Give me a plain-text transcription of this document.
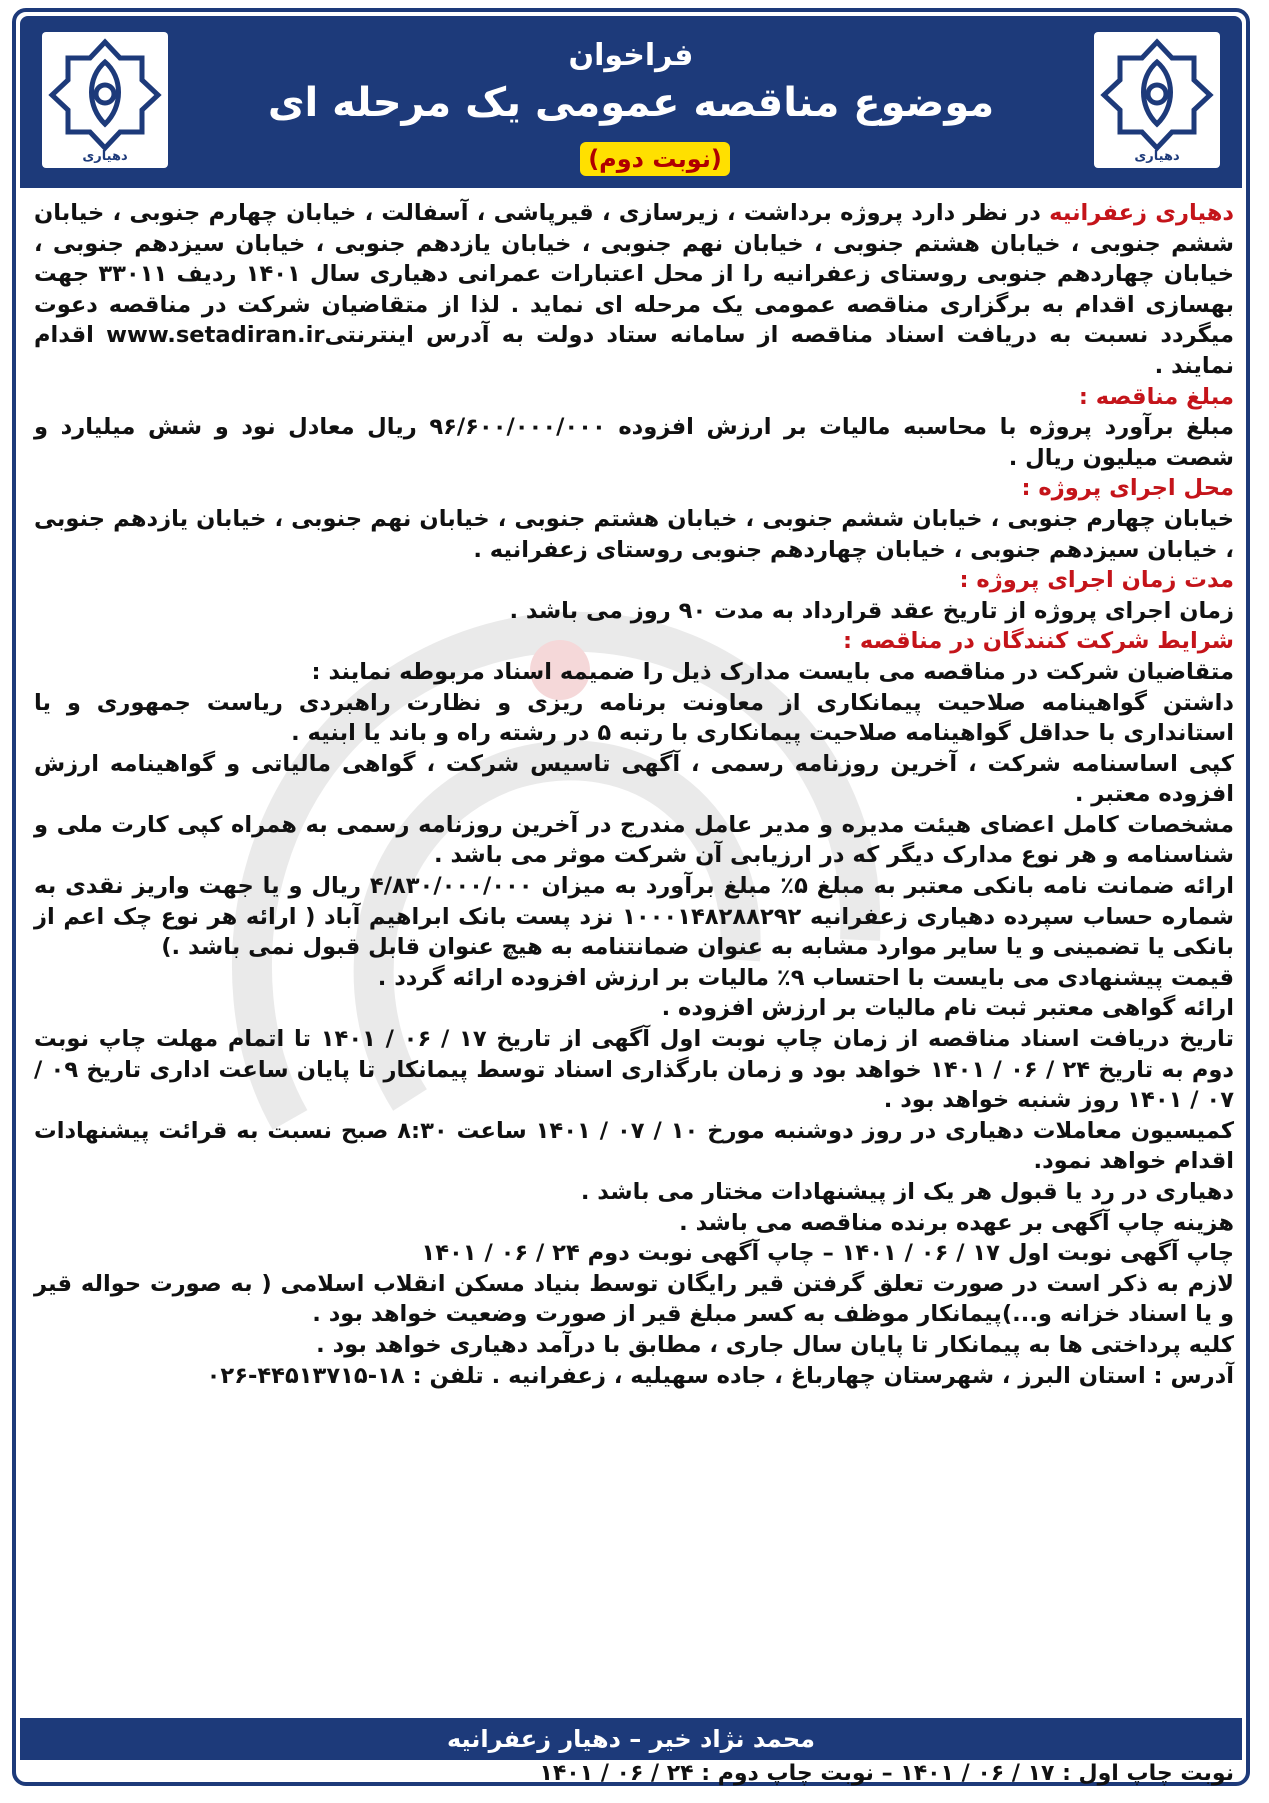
دهیاری	دهیاری
فراخوان
موضوع مناقصه عمومی یک مرحله ای
(نوبت دوم)

دهیاری زعفرانیه در نظر دارد پروژه برداشت ، زیرسازی ، قیرپاشی ، آسفالت ، خیابان چهارم جنوبی ، خیابان ششم جنوبی ، خیابان هشتم جنوبی ، خیابان نهم جنوبی ، خیابان یازدهم جنوبی ، خیابان سیزدهم جنوبی ، خیابان چهاردهم جنوبی روستای زعفرانیه را از محل اعتبارات عمرانی دهیاری سال ۱۴۰۱ ردیف ۳۳۰۱۱ جهت بهسازی اقدام به برگزاری مناقصه عمومی یک مرحله ای نماید . لذا از متقاضیان شرکت در مناقصه دعوت میگردد نسبت به دریافت اسناد مناقصه از سامانه ستاد دولت به آدرس اینترنتیwww.setadiran.ir اقدام نمایند .

مبلغ مناقصه :

مبلغ برآورد پروژه با محاسبه مالیات بر ارزش افزوده ۹۶/۶۰۰/۰۰۰/۰۰۰ ریال معادل نود و شش میلیارد و شصت میلیون ریال .

محل اجرای پروژه :

خیابان چهارم جنوبی ، خیابان ششم جنوبی ، خیابان هشتم جنوبی ، خیابان نهم جنوبی ، خیابان یازدهم جنوبی ، خیابان سیزدهم جنوبی ، خیابان چهاردهم جنوبی روستای زعفرانیه .

مدت زمان اجرای پروژه :

زمان اجرای پروژه از تاریخ عقد قرارداد به مدت ۹۰ روز می باشد .

شرایط شرکت کنندگان در مناقصه :

متقاضیان شرکت در مناقصه می بایست مدارک ذیل را ضمیمه اسناد مربوطه نمایند :

داشتن گواهینامه صلاحیت پیمانکاری از معاونت برنامه ریزی و نظارت راهبردی ریاست جمهوری و یا استانداری با حداقل گواهینامه صلاحیت پیمانکاری با رتبه ۵ در رشته راه و باند یا ابنیه .

کپی اساسنامه شرکت ، آخرین روزنامه رسمی ، آگهی تاسیس شرکت ، گواهی مالیاتی و گواهینامه ارزش افزوده معتبر .

مشخصات کامل اعضای هیئت مدیره و مدیر عامل مندرج در آخرین روزنامه رسمی به همراه کپی کارت ملی و شناسنامه و هر نوع مدارک دیگر که در ارزیابی آن شرکت موثر می باشد .

ارائه ضمانت نامه بانکی معتبر به مبلغ ۵٪ مبلغ برآورد به میزان ۴/۸۳۰/۰۰۰/۰۰۰ ریال و یا جهت واریز نقدی به شماره حساب سپرده دهیاری زعفرانیه ۱۰۰۰۱۴۸۲۸۸۲۹۲ نزد پست بانک ابراهیم آباد ( ارائه هر نوع چک اعم از بانکی یا تضمینی و یا سایر موارد مشابه به عنوان ضمانتنامه به هیچ عنوان قابل قبول نمی باشد .)

قیمت پیشنهادی می بایست با احتساب ۹٪ مالیات بر ارزش افزوده ارائه گردد .

ارائه گواهی معتبر ثبت نام مالیات بر ارزش افزوده .

تاریخ دریافت اسناد مناقصه از زمان چاپ نوبت اول آگهی از تاریخ ۱۷ / ۰۶ / ۱۴۰۱ تا اتمام مهلت چاپ نوبت دوم به تاریخ ۲۴ / ۰۶ / ۱۴۰۱ خواهد بود و زمان بارگذاری اسناد توسط پیمانکار تا پایان ساعت اداری تاریخ ۰۹ / ۰۷ / ۱۴۰۱ روز شنبه خواهد بود .

کمیسیون معاملات دهیاری در روز دوشنبه مورخ ۱۰ / ۰۷ / ۱۴۰۱ ساعت ۸:۳۰ صبح نسبت به قرائت پیشنهادات اقدام خواهد نمود.

دهیاری در رد یا قبول هر یک از پیشنهادات مختار می باشد .

هزینه چاپ آگهی بر عهده برنده مناقصه می باشد .

چاپ آگهی نوبت اول ۱۷ / ۰۶ / ۱۴۰۱ – چاپ آگهی نوبت دوم ۲۴ / ۰۶ / ۱۴۰۱

لازم به ذکر است در صورت تعلق گرفتن قیر رایگان توسط بنیاد مسکن انقلاب اسلامی ( به صورت حواله قیر و یا اسناد خزانه و...)پیمانکار موظف به کسر مبلغ قیر از صورت وضعیت خواهد بود .

کلیه پرداختی ها به پیمانکار تا پایان سال جاری ، مطابق با درآمد دهیاری خواهد بود .

آدرس : استان البرز ، شهرستان چهارباغ ، جاده سهیلیه ، زعفرانیه . تلفن : ۱۸-۴۴۵۱۳۷۱۵-۰۲۶

محمد نژاد خیر – دهیار زعفرانیه
نوبت چاپ اول : ۱۷ / ۰۶ / ۱۴۰۱ – نوبت چاپ دوم : ۲۴ / ۰۶ / ۱۴۰۱
